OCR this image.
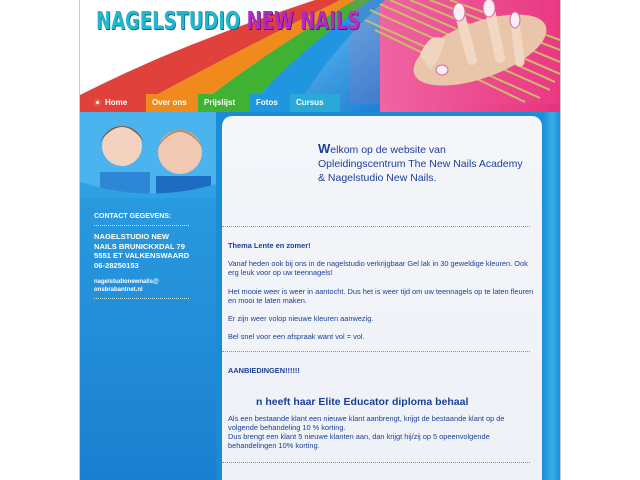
NAGELSTUDIO NEW NAILS
Home	Over ons	Prijslijst	Fotos	Cursus
CONTACT GEGEVENS:
NAGELSTUDIO NEW
NAILS BRUNICKXDAL 79
5551 ET VALKENSWAARD
06-28250153
nagelstudionewnails@
onsbrabantnet.nl
Welkom op de website van Opleidingscentrum The New Nails Academy & Nagelstudio New Nails.
Thema Lente en zomer!
Vanaf heden ook bij ons in de nagelstudio verkrijgbaar Gel lak in 30 geweldige kleuren. Ook erg leuk voor op uw teennagels!
Het mooie weer is weer in aantocht. Dus het is weer tijd om uw teennagels op te laten fleuren en mooi te laten maken.
Er zijn weer volop nieuwe kleuren aanwezig.
Bel snel voor een afspraak want vol = vol.
AANBIEDINGEN!!!!!!
n heeft haar Elite Educator diploma behaal
Als een bestaande klant een nieuwe klant aanbrengt, krijgt de bestaande klant op de volgende behandeling 10 % korting.
Dus brengt een klant 5 nieuwe klanten aan, dan krijgt hij/zij op 5 opeenvolgende behandelingen 10% korting.
